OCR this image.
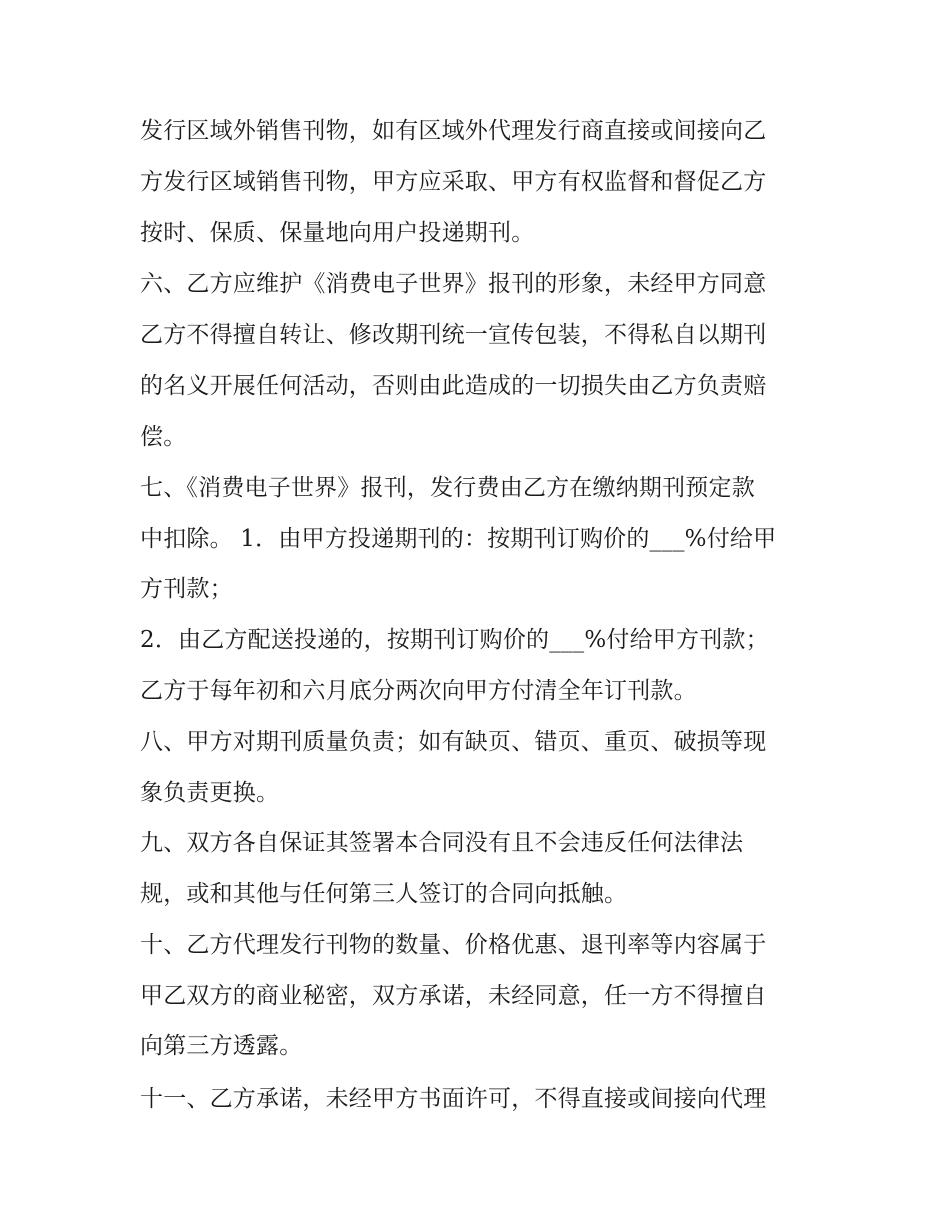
发行区域外销售刊物，如有区域外代理发行商直接或间接向乙
方发行区域销售刊物，甲方应采取、甲方有权监督和督促乙方
按时、保质、保量地向用户投递期刊。
六、乙方应维护《消费电子世界》报刊的形象，未经甲方同意
乙方不得擅自转让、修改期刊统一宣传包装，不得私自以期刊
的名义开展任何活动，否则由此造成的一切损失由乙方负责赔
偿。
七、《消费电子世界》报刊，发行费由乙方在缴纳期刊预定款
中扣除。 1．由甲方投递期刊的：按期刊订购价的___%付给甲
方刊款；
2．由乙方配送投递的，按期刊订购价的___%付给甲方刊款；
乙方于每年初和六月底分两次向甲方付清全年订刊款。
八、甲方对期刊质量负责；如有缺页、错页、重页、破损等现
象负责更换。
九、双方各自保证其签署本合同没有且不会违反任何法律法
规，或和其他与任何第三人签订的合同向抵触。
十、乙方代理发行刊物的数量、价格优惠、退刊率等内容属于
甲乙双方的商业秘密，双方承诺，未经同意，任一方不得擅自
向第三方透露。
十一、乙方承诺，未经甲方书面许可，不得直接或间接向代理
